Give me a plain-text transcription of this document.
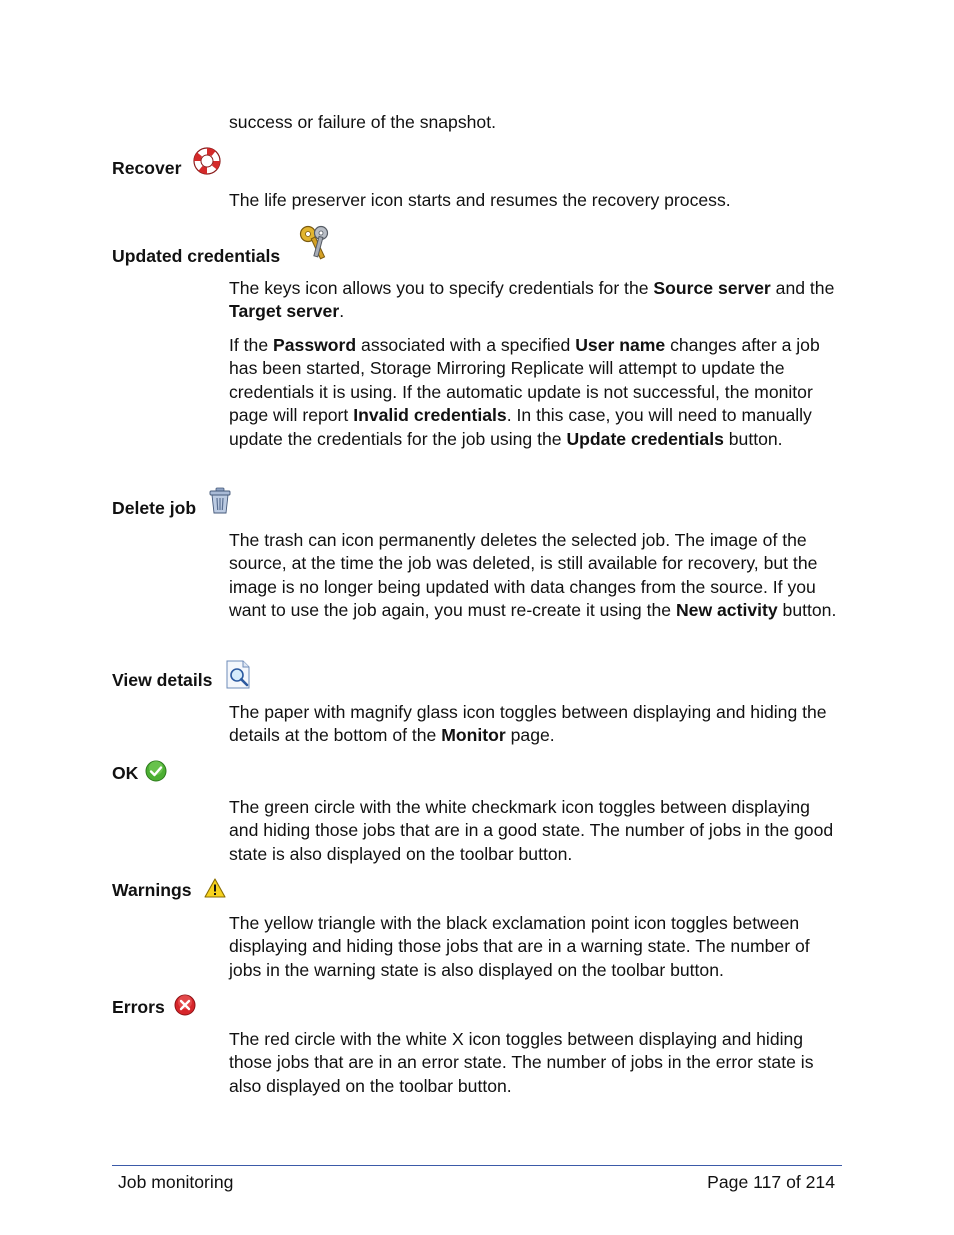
success or failure of the snapshot.

Recover

The life preserver icon starts and resumes the recovery process.

Updated credentials

The keys icon allows you to specify credentials for the Source server and the Target server.

If the Password associated with a specified User name changes after a job has been started, Storage Mirroring Replicate will attempt to update the credentials it is using. If the automatic update is not successful, the monitor page will report Invalid credentials. In this case, you will need to manually update the credentials for the job using the Update credentials button.

Delete job

The trash can icon permanently deletes the selected job. The image of the source, at the time the job was deleted, is still available for recovery, but the image is no longer being updated with data changes from the source. If you want to use the job again, you must re-create it using the New activity button.

View details

The paper with magnify glass icon toggles between displaying and hiding the details at the bottom of the Monitor page.

OK

The green circle with the white checkmark icon toggles between displaying and hiding those jobs that are in a good state. The number of jobs in the good state is also displayed on the toolbar button.

Warnings

The yellow triangle with the black exclamation point icon toggles between displaying and hiding those jobs that are in a warning state. The number of jobs in the warning state is also displayed on the toolbar button.

Errors

The red circle with the white X icon toggles between displaying and hiding those jobs that are in an error state. The number of jobs in the error state is also displayed on the toolbar button.

Job monitoring	Page 117 of 214
